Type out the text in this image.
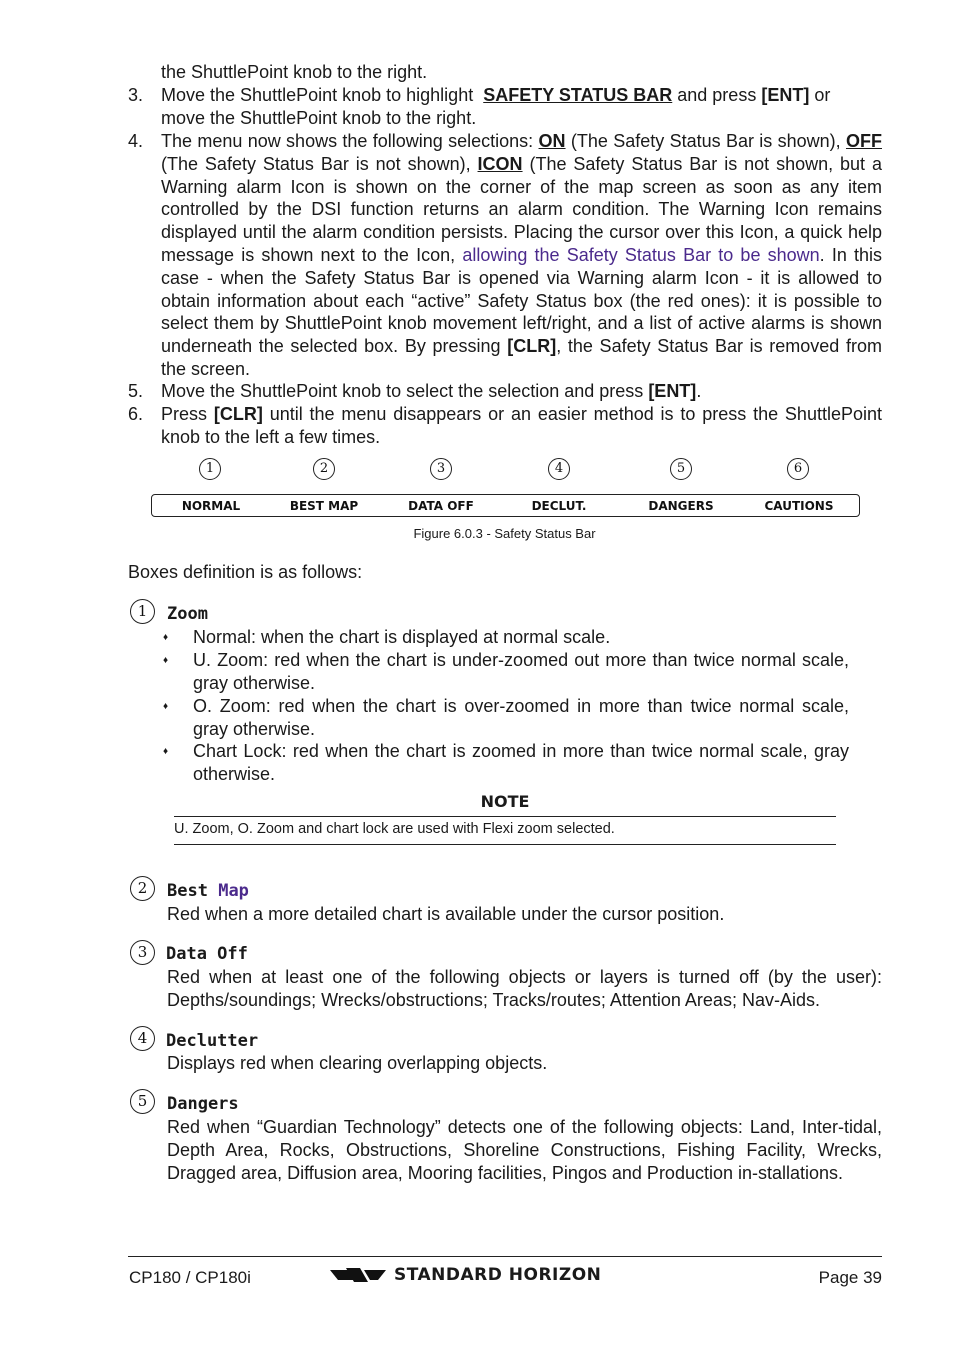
the ShuttlePoint knob to the right.
3. Move the ShuttlePoint knob to highlight SAFETY STATUS BAR and press [ENT] or
move the ShuttlePoint knob to the right.
4. The menu now shows the following selections: ON (The Safety Status Bar is shown), OFF (The Safety Status Bar is not shown), ICON (The Safety Status Bar is not shown, but a Warning alarm Icon is shown on the corner of the map screen as soon as any item controlled by the DSI function returns an alarm condition. The Warning Icon remains displayed until the alarm condition persists. Placing the cursor over this Icon, a quick help message is shown next to the Icon, allowing the Safety Status Bar to be shown. In this case - when the Safety Status Bar is opened via Warning alarm Icon - it is allowed to obtain information about each “active” Safety Status box (the red ones): it is possible to select them by ShuttlePoint knob movement left/right, and a list of active alarms is shown underneath the selected box. By pressing [CLR], the Safety Status Bar is removed from the screen.
5. Move the ShuttlePoint knob to select the selection and press [ENT].
6. Press [CLR] until the menu disappears or an easier method is to press the ShuttlePoint knob to the left a few times.
1	2	3	4	5	6
NORMAL	BEST MAP	DATA OFF	DECLUT.	DANGERS	CAUTIONS
Figure 6.0.3 - Safety Status Bar
Boxes definition is as follows:
1	Zoom
♦ Normal: when the chart is displayed at normal scale.
♦ U. Zoom: red when the chart is under-zoomed out more than twice normal scale, gray otherwise.
♦ O. Zoom: red when the chart is over-zoomed in more than twice normal scale, gray otherwise.
♦ Chart Lock: red when the chart is zoomed in more than twice normal scale, gray otherwise.
NOTE
U. Zoom, O. Zoom and chart lock are used with Flexi zoom selected.
2	Best Map
Red when a more detailed chart is available under the cursor position.
3	Data Off
Red when at least one of the following objects or layers is turned off (by the user): Depths/soundings; Wrecks/obstructions; Tracks/routes; Attention Areas; Nav-Aids.
4	Declutter
Displays red when clearing overlapping objects.
5	Dangers
Red when “Guardian Technology” detects one of the following objects: Land, Inter-tidal, Depth Area, Rocks, Obstructions, Shoreline Constructions, Fishing Facility, Wrecks, Dragged area, Diffusion area, Mooring facilities, Pingos and Production in-stallations.
CP180 / CP180i	STANDARD HORIZON	Page 39
